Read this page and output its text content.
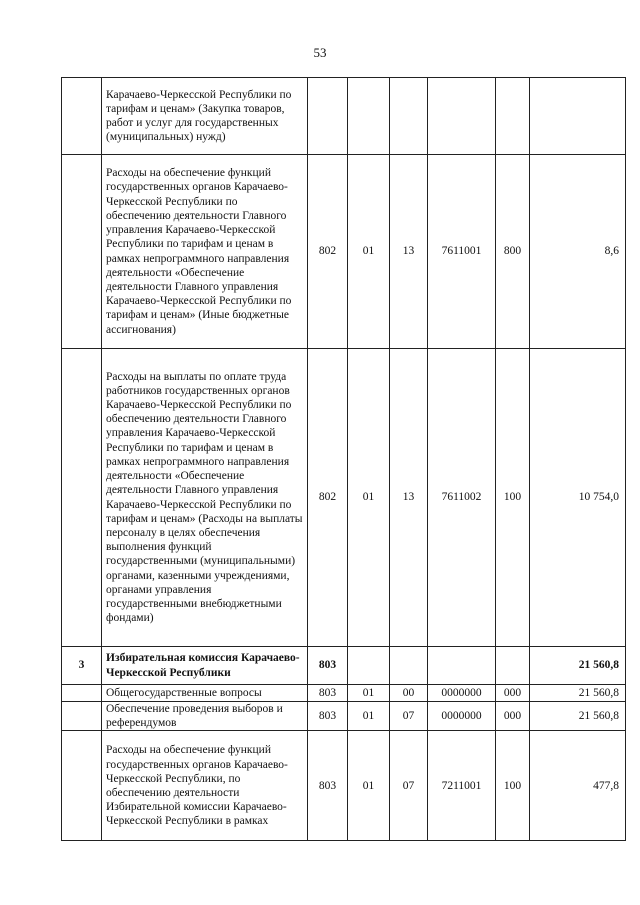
53
	Карачаево-Черкесской Республики по тарифам и ценам» (Закупка товаров, работ и услуг для государственных (муниципальных) нужд)						
	Расходы на обеспечение функций государственных органов Карачаево-Черкесской Республики по обеспечению деятельности Главного управления Карачаево-Черкесской Республики по тарифам и ценам в рамках непрограммного направления деятельности «Обеспечение деятельности Главного управления Карачаево-Черкесской Республики по тарифам и ценам» (Иные бюджетные ассигнования)	802	01	13	7611001	800	8,6
	Расходы на выплаты по оплате труда работников государственных органов Карачаево-Черкесской Республики по обеспечению деятельности Главного управления Карачаево-Черкесской Республики по тарифам и ценам в рамках непрограммного направления деятельности «Обеспечение деятельности Главного управления Карачаево-Черкесской Республики по тарифам и ценам» (Расходы на выплаты персоналу в целях обеспечения выполнения функций государственными (муниципальными) органами, казенными учреждениями, органами управления государственными внебюджетными фондами)	802	01	13	7611002	100	10 754,0
3	Избирательная комиссия Карачаево-Черкесской Республики	803					21 560,8
	Общегосударственные вопросы	803	01	00	0000000	000	21 560,8
	Обеспечение проведения выборов и референдумов	803	01	07	0000000	000	21 560,8
	Расходы на обеспечение функций государственных органов Карачаево-Черкесской Республики, по обеспечению деятельности Избирательной комиссии Карачаево-Черкесской Республики в рамках	803	01	07	7211001	100	477,8
